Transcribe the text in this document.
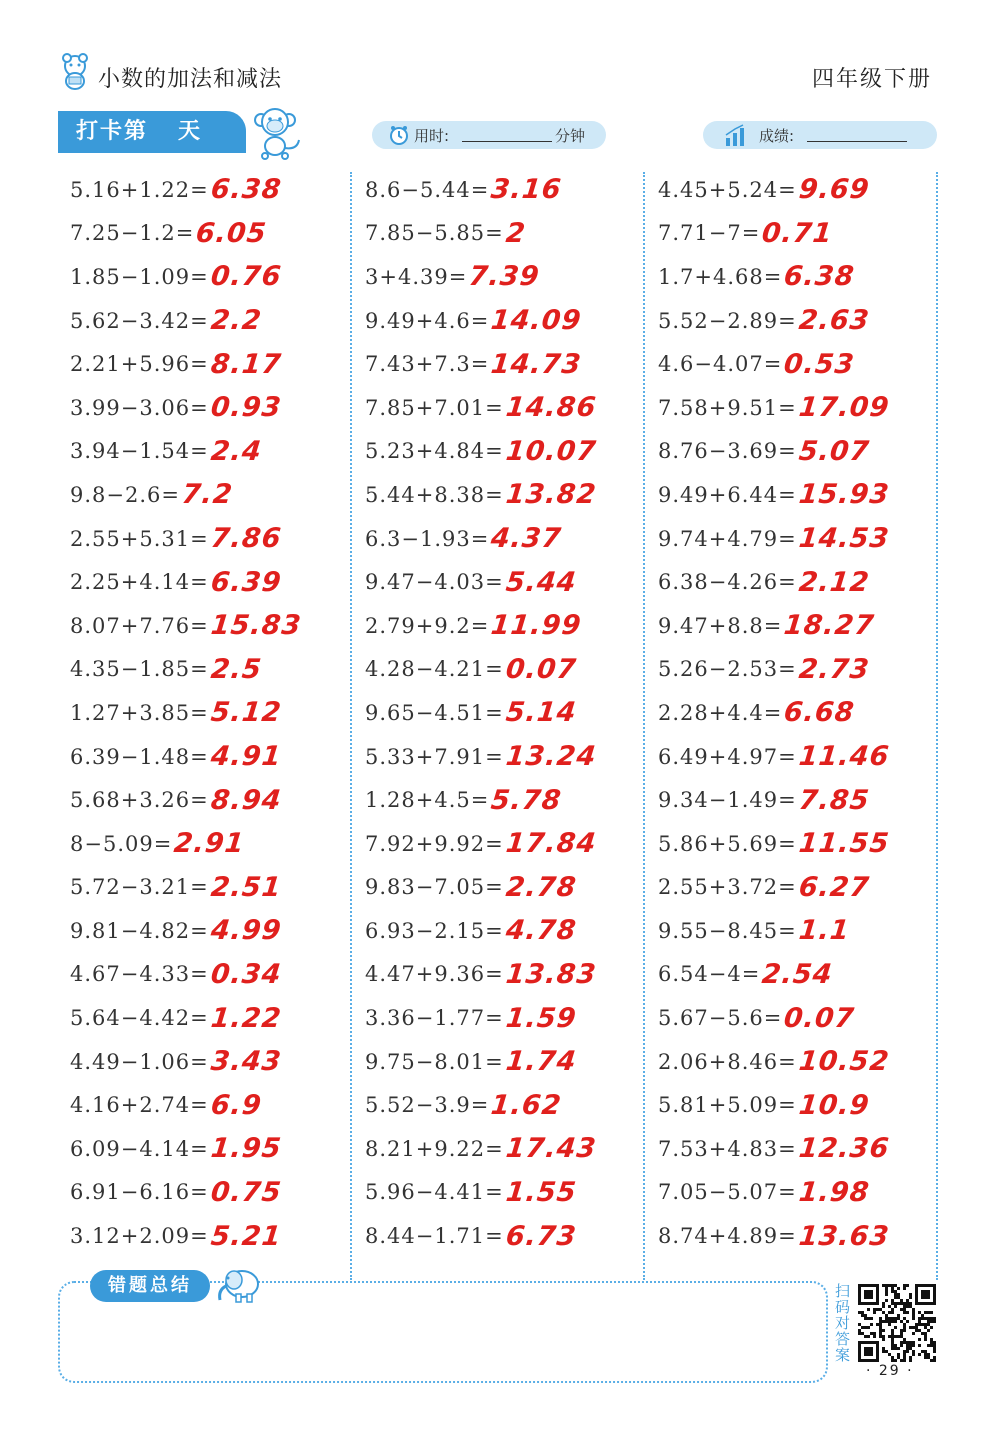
小数的加法和减法	四年级下册
打卡第 天	用时:	分钟	成绩:
5.16+1.22= 6.38
7.25−1.2= 6.05
1.85−1.09= 0.76
5.62−3.42= 2.2
2.21+5.96= 8.17
3.99−3.06= 0.93
3.94−1.54= 2.4
9.8−2.6= 7.2
2.55+5.31= 7.86
2.25+4.14= 6.39
8.07+7.76= 15.83
4.35−1.85= 2.5
1.27+3.85= 5.12
6.39−1.48= 4.91
5.68+3.26= 8.94
8−5.09= 2.91
5.72−3.21= 2.51
9.81−4.82= 4.99
4.67−4.33= 0.34
5.64−4.42= 1.22
4.49−1.06= 3.43
4.16+2.74= 6.9
6.09−4.14= 1.95
6.91−6.16= 0.75
3.12+2.09= 5.21
8.6−5.44= 3.16
7.85−5.85= 2
3+4.39= 7.39
9.49+4.6= 14.09
7.43+7.3= 14.73
7.85+7.01= 14.86
5.23+4.84= 10.07
5.44+8.38= 13.82
6.3−1.93= 4.37
9.47−4.03= 5.44
2.79+9.2= 11.99
4.28−4.21= 0.07
9.65−4.51= 5.14
5.33+7.91= 13.24
1.28+4.5= 5.78
7.92+9.92= 17.84
9.83−7.05= 2.78
6.93−2.15= 4.78
4.47+9.36= 13.83
3.36−1.77= 1.59
9.75−8.01= 1.74
5.52−3.9= 1.62
8.21+9.22= 17.43
5.96−4.41= 1.55
8.44−1.71= 6.73
4.45+5.24= 9.69
7.71−7= 0.71
1.7+4.68= 6.38
5.52−2.89= 2.63
4.6−4.07= 0.53
7.58+9.51= 17.09
8.76−3.69= 5.07
9.49+6.44= 15.93
9.74+4.79= 14.53
6.38−4.26= 2.12
9.47+8.8= 18.27
5.26−2.53= 2.73
2.28+4.4= 6.68
6.49+4.97= 11.46
9.34−1.49= 7.85
5.86+5.69= 11.55
2.55+3.72= 6.27
9.55−8.45= 1.1
6.54−4= 2.54
5.67−5.6= 0.07
2.06+8.46= 10.52
5.81+5.09= 10.9
7.53+4.83= 12.36
7.05−5.07= 1.98
8.74+4.89= 13.63
错题总结	扫码对答案
· 29 ·
